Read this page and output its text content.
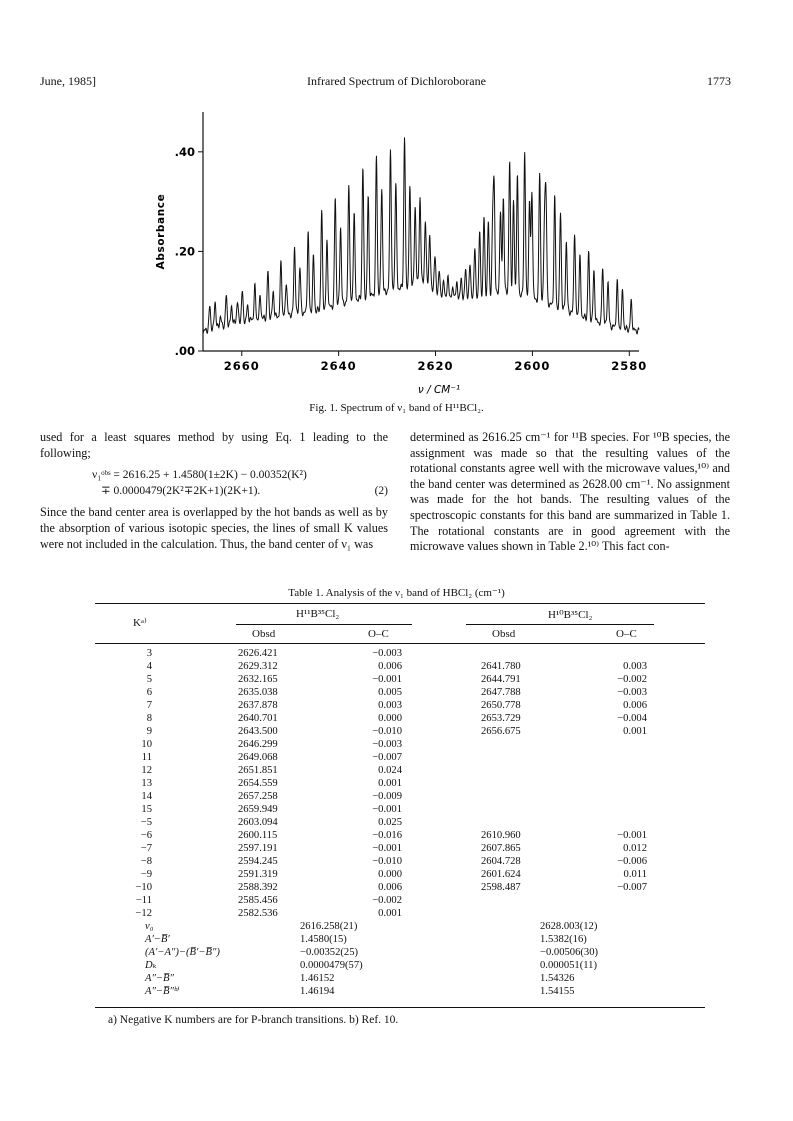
June, 1985]	Infrared Spectrum of Dichloroborane	1773
2660	2640	2620	2600	2580
.00
.20
.40
Absorbance
ν / CM⁻¹
Fig. 1. Spectrum of ν₁ band of H¹¹BCl₂.

used for a least squares method by using Eq. 1 leading to the following;

ν₁ᵒᵇˢ = 2616.25 + 1.4580(1±2K) − 0.00352(K²)
∓ 0.0000479(2K²∓2K+1)(2K+1).	(2)

Since the band center area is overlapped by the hot bands as well as by the absorption of various isotopic species, the lines of small K values were not included in the calculation. Thus, the band center of ν₁ was

determined as 2616.25 cm⁻¹ for ¹¹B species. For ¹⁰B species, the assignment was made so that the resulting values of the rotational constants agree well with the microwave values,¹⁰⁾ and the band center was determined as 2628.00 cm⁻¹. No assignment was made for the hot bands. The resulting values of the spectroscopic constants for this band are summarized in Table 1. The rotational constants are in good agreement with the microwave values shown in Table 2.¹⁰⁾ This fact con-

Table 1. Analysis of the ν₁ band of HBCl₂ (cm⁻¹)
Kᵃ⁾
H¹¹B³⁵Cl₂	H¹⁰B³⁵Cl₂
Obsd	O–C	Obsd	O–C
3	2626.421	−0.003
4	2629.312	0.006	2641.780	0.003
5	2632.165	−0.001	2644.791	−0.002
6	2635.038	0.005	2647.788	−0.003
7	2637.878	0.003	2650.778	0.006
8	2640.701	0.000	2653.729	−0.004
9	2643.500	−0.010	2656.675	0.001
10	2646.299	−0.003
11	2649.068	−0.007
12	2651.851	0.024
13	2654.559	0.001
14	2657.258	−0.009
15	2659.949	−0.001
−5	2603.094	0.025
−6	2600.115	−0.016	2610.960	−0.001
−7	2597.191	−0.001	2607.865	0.012
−8	2594.245	−0.010	2604.728	−0.006
−9	2591.319	0.000	2601.624	0.011
−10	2588.392	0.006	2598.487	−0.007
−11	2585.456	−0.002
−12	2582.536	0.001
ν₀	2616.258(21)	2628.003(12)
A′−B̅′	1.4580(15)	1.5382(16)
(A′−A″)−(B̅′−B̅″)	−0.00352(25)	−0.00506(30)
Dₖ	0.0000479(57)	0.000051(11)
A″−B̅″	1.46152	1.54326
A″−B̅″ᵇ⁾	1.46194	1.54155
a) Negative K numbers are for P-branch transitions. b) Ref. 10.
